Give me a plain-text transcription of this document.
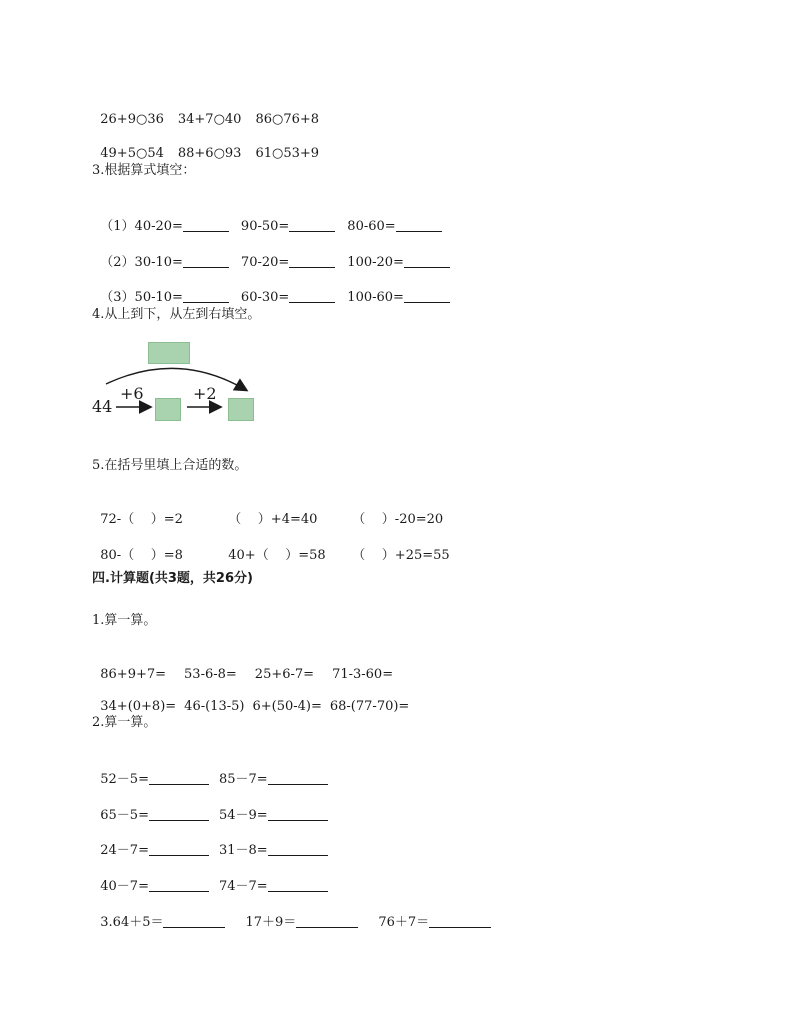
26+9○36 34+7○40 86○76+8

49+5○54 88+6○93 61○53+9

3.根据算式填空：

（1）40-20=	90-50=	80-60=

（2）30-10=	70-20=	100-20=

（3）50-10=	60-30=	100-60=

4.从上到下，从左到右填空。
44
+6	+2
5.在括号里填上合适的数。

72-（    ）=2	（    ）+4=40	（    ）-20=20

80-（    ）=8	40+（    ）=58 （    ）+25=55

四.计算题(共3题，共26分)
1.算一算。

86+9+7= 53-6-8= 25+6-7= 71-3-60=

34+(0+8)= 46-(13-5) 6+(50-4)= 68-(77-70)=

2.算一算。

52－5=	85－7=

65－5=	54－9=

24－7=	31－8=

40－7=	74－7=

3.64＋5＝	17＋9＝	76＋7＝
